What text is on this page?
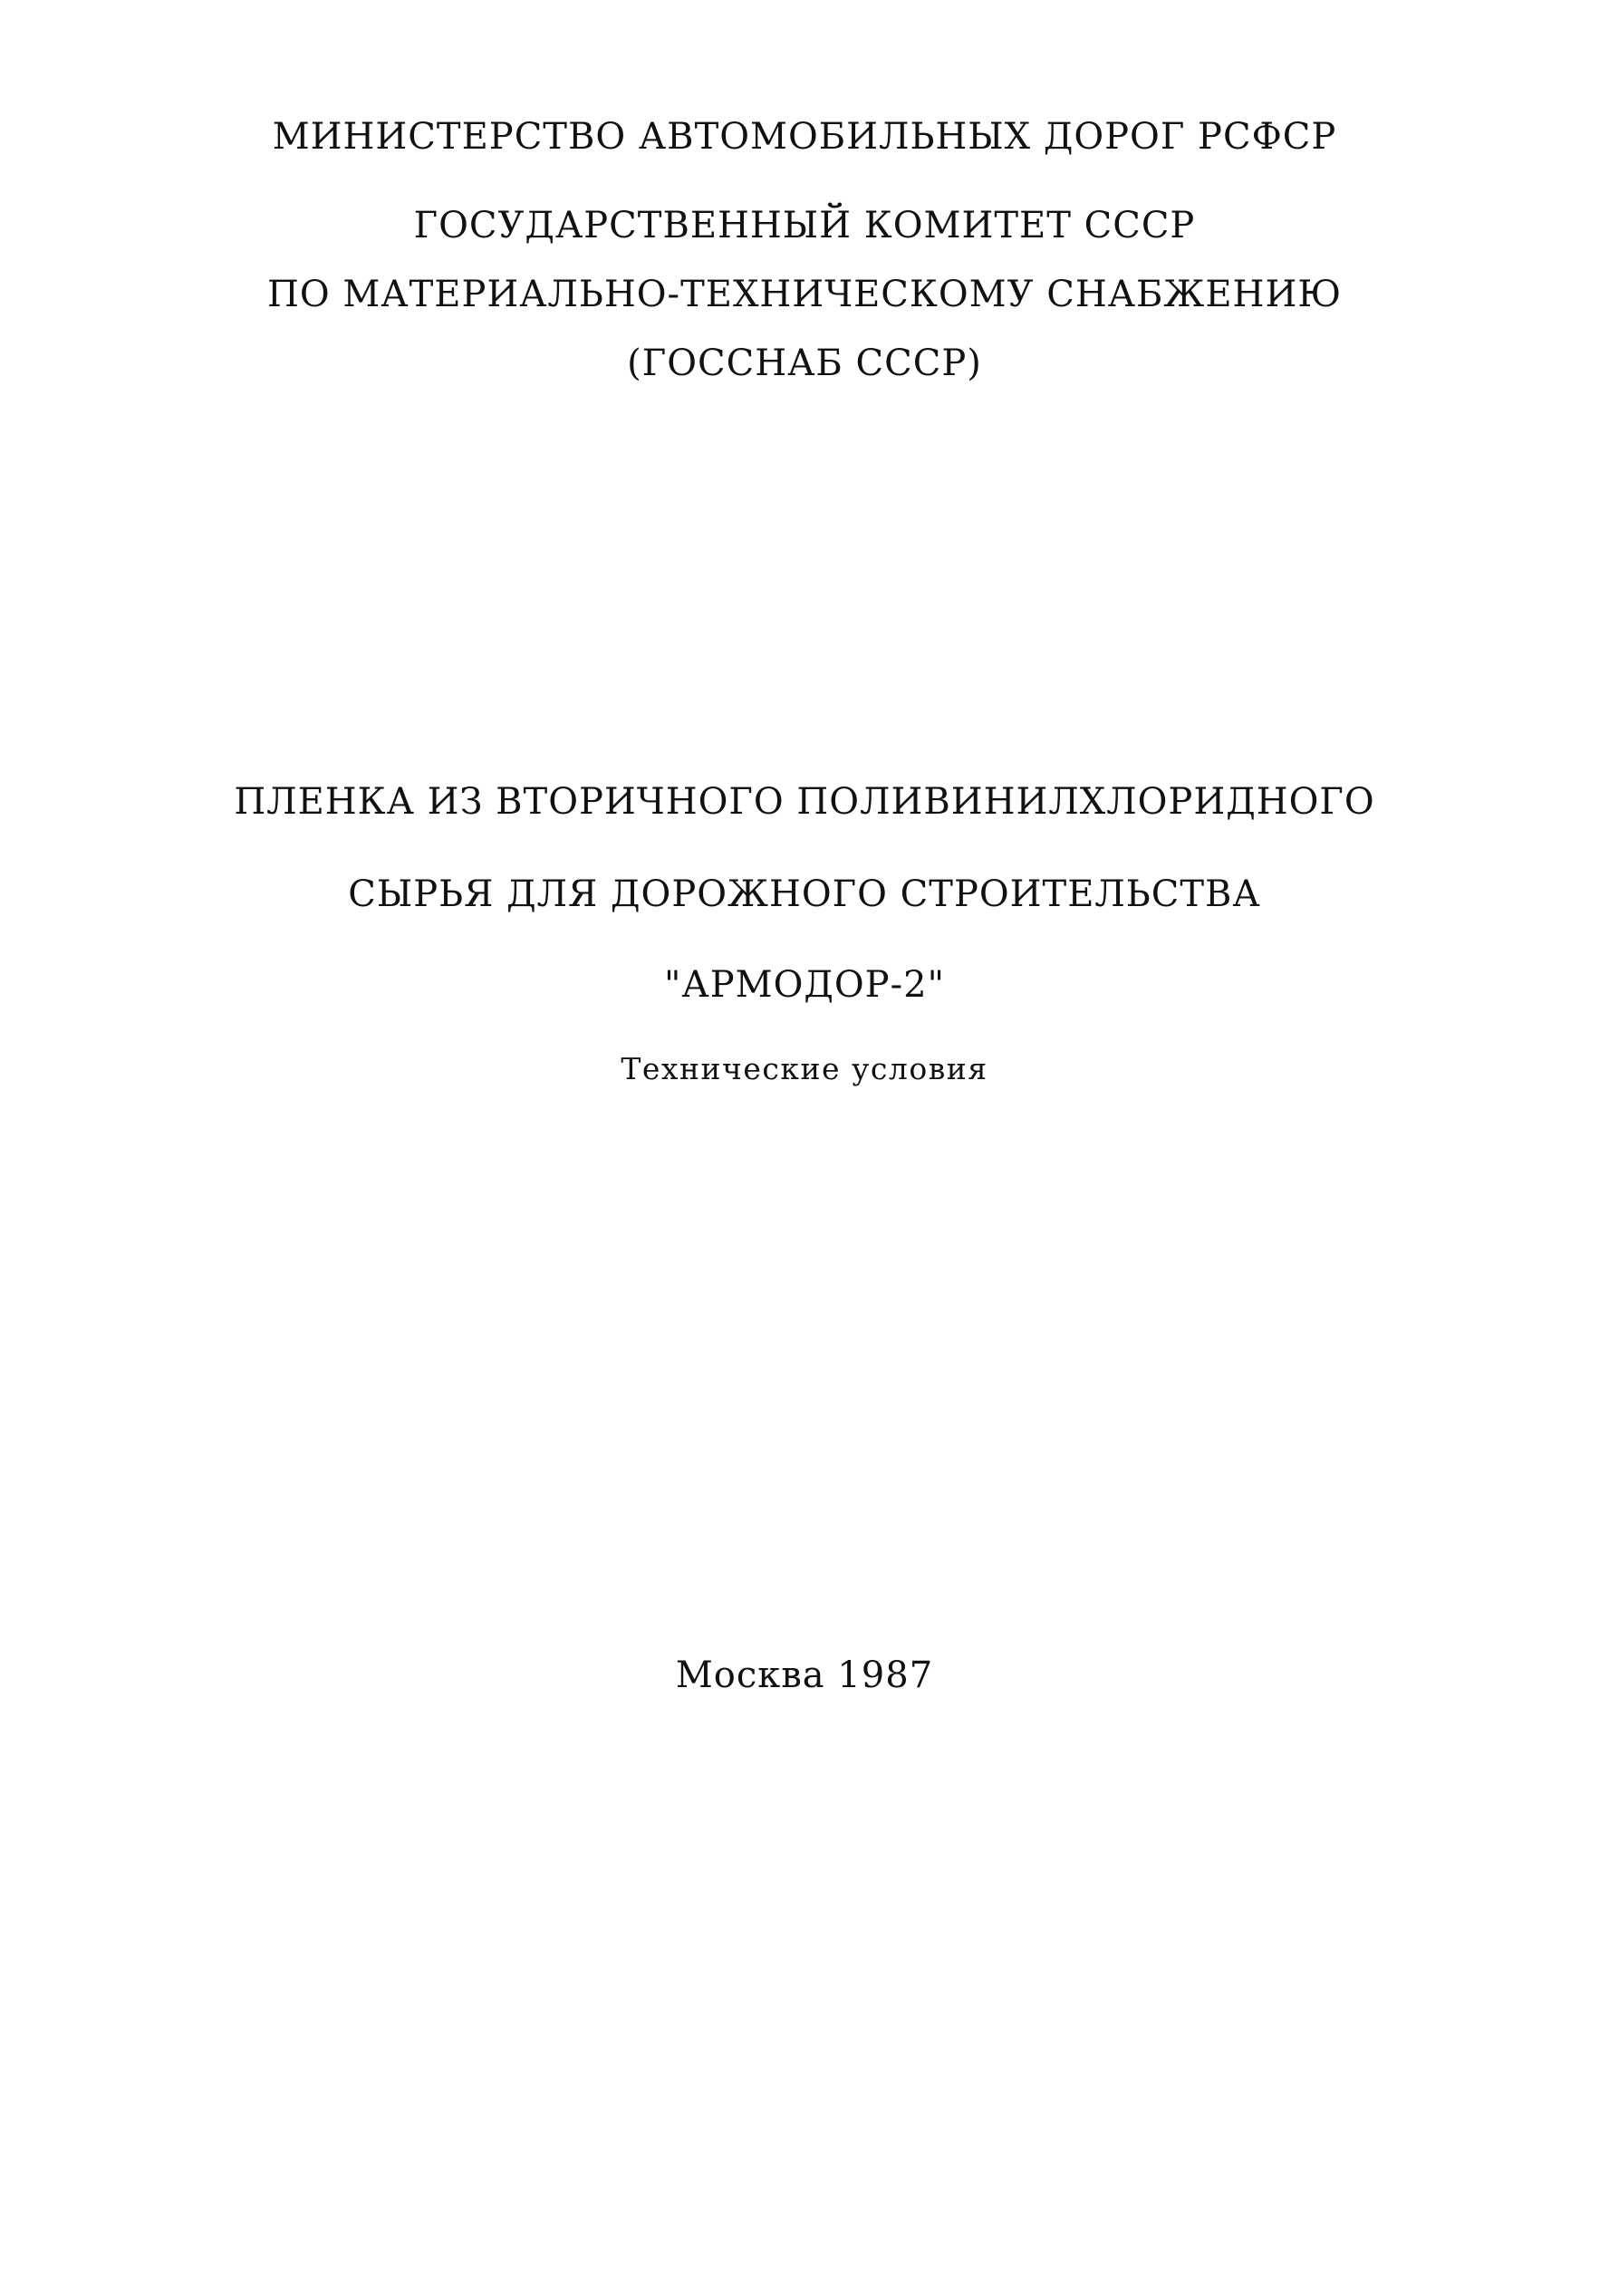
МИНИСТЕРСТВО АВТОМОБИЛЬНЫХ ДОРОГ РСФСР
ГОСУДАРСТВЕННЫЙ КОМИТЕТ СССР
ПО МАТЕРИАЛЬНО-ТЕХНИЧЕСКОМУ СНАБЖЕНИЮ
(ГОССНАБ СССР)
ПЛЕНКА ИЗ ВТОРИЧНОГО ПОЛИВИНИЛХЛОРИДНОГО
СЫРЬЯ ДЛЯ ДОРОЖНОГО СТРОИТЕЛЬСТВА
"АРМОДОР-2"
Технические условия
Москва 1987
